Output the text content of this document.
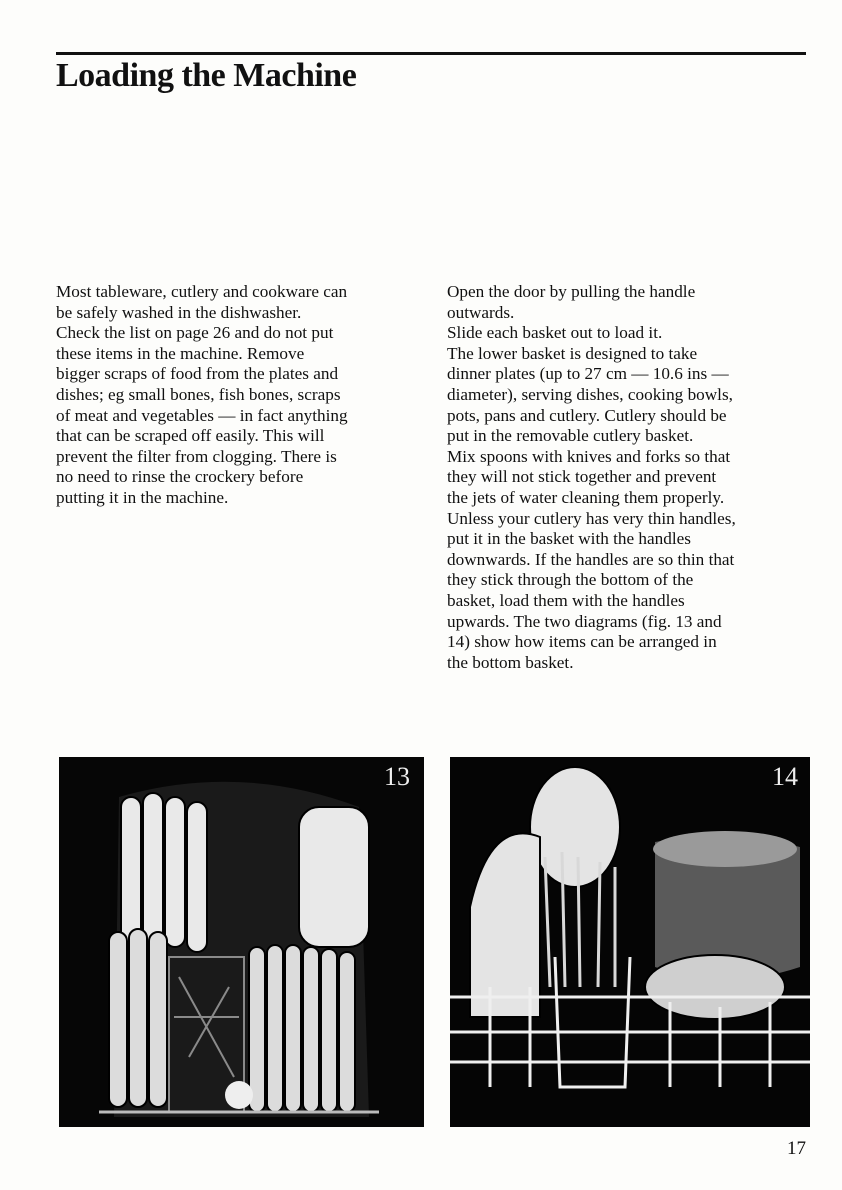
Loading the Machine

Most tableware, cutlery and cookware can

be safely washed in the dishwasher.

Check the list on page 26 and do not put

these items in the machine. Remove

bigger scraps of food from the plates and

dishes; eg small bones, fish bones, scraps

of meat and vegetables — in fact anything

that can be scraped off easily. This will

prevent the filter from clogging. There is

no need to rinse the crockery before

putting it in the machine.

Open the door by pulling the handle

outwards.

Slide each basket out to load it.

The lower basket is designed to take

dinner plates (up to 27 cm — 10.6 ins —

diameter), serving dishes, cooking bowls,

pots, pans and cutlery. Cutlery should be

put in the removable cutlery basket.

Mix spoons with knives and forks so that

they will not stick together and prevent

the jets of water cleaning them properly.

Unless your cutlery has very thin handles,

put it in the basket with the handles

downwards. If the handles are so thin that

they stick through the bottom of the

basket, load them with the handles

upwards. The two diagrams (fig. 13 and

14) show how items can be arranged in

the bottom basket.

13	14
17
